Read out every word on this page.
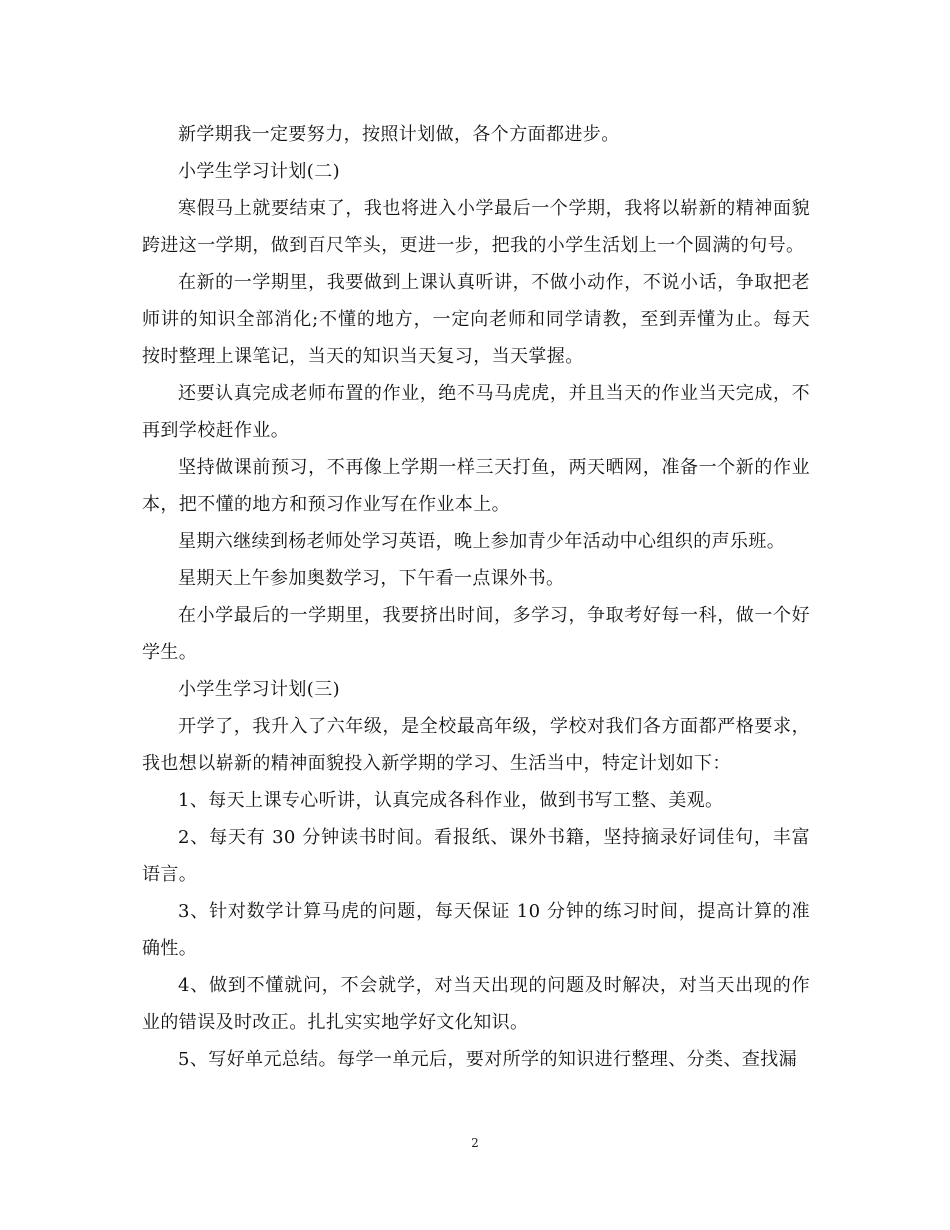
新学期我一定要努力，按照计划做，各个方面都进步。

小学生学习计划(二)

寒假马上就要结束了，我也将进入小学最后一个学期，我将以崭新的精神面貌跨进这一学期，做到百尺竿头，更进一步，把我的小学生活划上一个圆满的句号。

在新的一学期里，我要做到上课认真听讲，不做小动作，不说小话，争取把老师讲的知识全部消化;不懂的地方，一定向老师和同学请教，至到弄懂为止。每天按时整理上课笔记，当天的知识当天复习，当天掌握。

还要认真完成老师布置的作业，绝不马马虎虎，并且当天的作业当天完成，不再到学校赶作业。

坚持做课前预习，不再像上学期一样三天打鱼，两天晒网，准备一个新的作业本，把不懂的地方和预习作业写在作业本上。

星期六继续到杨老师处学习英语，晚上参加青少年活动中心组织的声乐班。

星期天上午参加奥数学习，下午看一点课外书。

在小学最后的一学期里，我要挤出时间，多学习，争取考好每一科，做一个好学生。

小学生学习计划(三)

开学了，我升入了六年级，是全校最高年级，学校对我们各方面都严格要求，我也想以崭新的精神面貌投入新学期的学习、生活当中，特定计划如下：

1、每天上课专心听讲，认真完成各科作业，做到书写工整、美观。

2、每天有 30 分钟读书时间。看报纸、课外书籍，坚持摘录好词佳句，丰富语言。

3、针对数学计算马虎的问题，每天保证 10 分钟的练习时间，提高计算的准确性。

4、做到不懂就问，不会就学，对当天出现的问题及时解决，对当天出现的作业的错误及时改正。扎扎实实地学好文化知识。

5、写好单元总结。每学一单元后，要对所学的知识进行整理、分类、查找漏

2
